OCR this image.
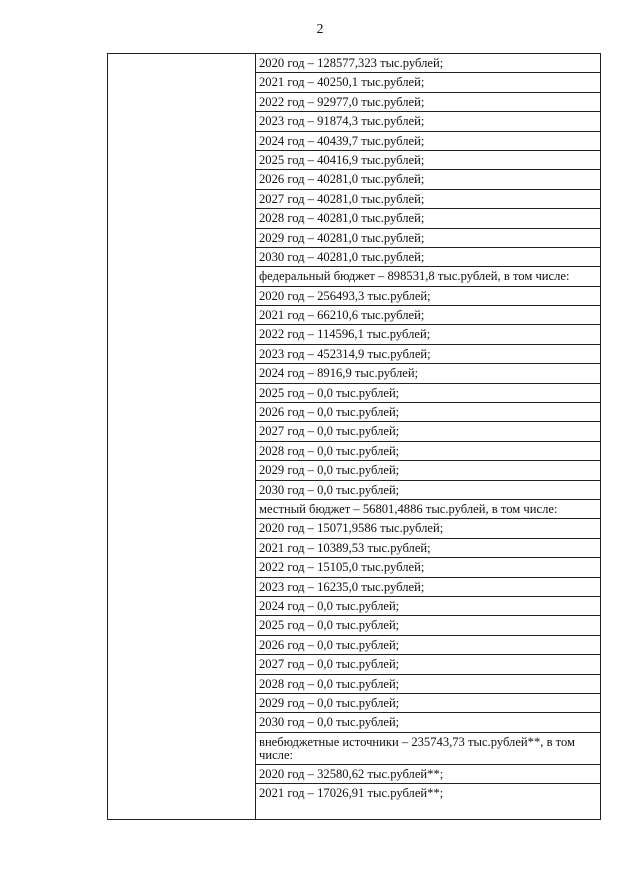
2
2020 год – 128577,323 тыс.рублей;
2021 год – 40250,1 тыс.рублей;
2022 год – 92977,0 тыс.рублей;
2023 год – 91874,3 тыс.рублей;
2024 год – 40439,7 тыс.рублей;
2025 год – 40416,9 тыс.рублей;
2026 год – 40281,0 тыс.рублей;
2027 год – 40281,0 тыс.рублей;
2028 год – 40281,0 тыс.рублей;
2029 год – 40281,0 тыс.рублей;
2030 год – 40281,0 тыс.рублей;
федеральный бюджет – 898531,8 тыс.рублей, в том числе:
2020 год – 256493,3 тыс.рублей;
2021 год – 66210,6 тыс.рублей;
2022 год – 114596,1 тыс.рублей;
2023 год – 452314,9 тыс.рублей;
2024 год – 8916,9 тыс.рублей;
2025 год – 0,0 тыс.рублей;
2026 год – 0,0 тыс.рублей;
2027 год – 0,0 тыс.рублей;
2028 год – 0,0 тыс.рублей;
2029 год – 0,0 тыс.рублей;
2030 год – 0,0 тыс.рублей;
местный бюджет – 56801,4886 тыс.рублей, в том числе:
2020 год – 15071,9586 тыс.рублей;
2021 год – 10389,53 тыс.рублей;
2022 год – 15105,0 тыс.рублей;
2023 год – 16235,0 тыс.рублей;
2024 год – 0,0 тыс.рублей;
2025 год – 0,0 тыс.рублей;
2026 год – 0,0 тыс.рублей;
2027 год – 0,0 тыс.рублей;
2028 год – 0,0 тыс.рублей;
2029 год – 0,0 тыс.рублей;
2030 год – 0,0 тыс.рублей;
внебюджетные источники – 235743,73 тыс.рублей**, в том числе:
2020 год – 32580,62 тыс.рублей**;
2021 год – 17026,91 тыс.рублей**;
